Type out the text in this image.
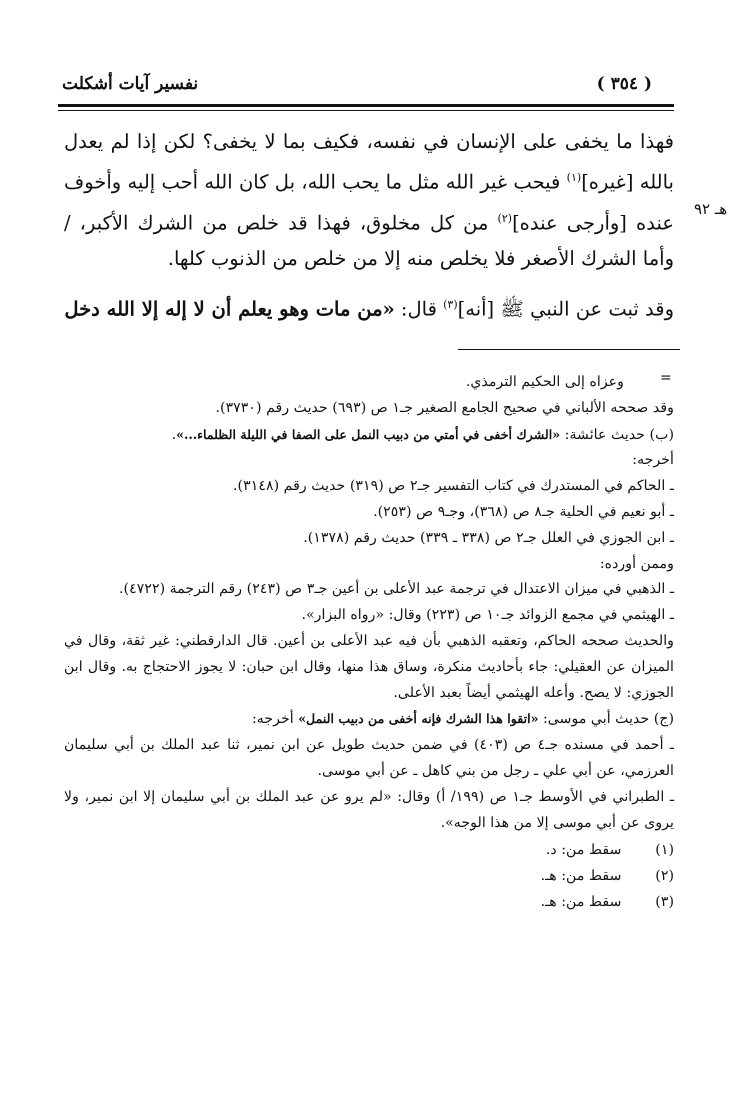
( ٣٥٤ )
نفسير آيات أشكلت
هـ ٩٢

فهذا ما يخفى على الإنسان في نفسه، فكيف بما لا يخفى؟ لكن إذا لم يعدل بالله [غيره]$^{(١)}$ فيحب غير الله مثل ما يحب الله، بل كان الله أحب إليه وأخوف عنده [وأرجى عنده]$^{(٢)}$ من كل مخلوق، فهذا قد خلص من الشرك الأكبر، / وأما الشرك الأصغر فلا يخلص منه إلا من خلص من الذنوب كلها.

وقد ثبت عن النبي ﷺ [أنه]$^{(٣)}$ قال: «من مات وهو يعلم أن لا إله إلا الله دخل

=

وعزاه إلى الحكيم الترمذي.

وقد صححه الألباني في صحيح الجامع الصغير جـ١ ص (٦٩٣) حديث رقم (٣٧٣٠).

(ب) حديث عائشة: «الشرك أخفى في أمتي من دبيب النمل على الصفا في الليلة الظلماء...».

أخرجه:

ـ الحاكم في المستدرك في كتاب التفسير جـ٢ ص (٣١٩) حديث رقم (٣١٤٨).

ـ أبو نعيم في الحلية جـ٨ ص (٣٦٨)، وجـ٩ ص (٢٥٣).

ـ ابن الجوزي في العلل جـ٢ ص (٣٣٨ ـ ٣٣٩) حديث رقم (١٣٧٨).

وممن أورده:

ـ الذهبي في ميزان الاعتدال في ترجمة عبد الأعلى بن أعين جـ٣ ص (٢٤٣) رقم الترجمة (٤٧٢٢).

ـ الهيثمي في مجمع الزوائد جـ١٠ ص (٢٢٣) وقال: «رواه البزار».

والحديث صححه الحاكم، وتعقبه الذهبي بأن فيه عبد الأعلى بن أعين. قال الدارقطني: غير ثقة، وقال في الميزان عن العقيلي: جاء بأحاديث منكرة، وساق هذا منها، وقال ابن حبان: لا يجوز الاحتجاج به. وقال ابن الجوزي: لا يصح. وأعله الهيثمي أيضاً بعبد الأعلى.

(ج) حديث أبي موسى: «اتقوا هذا الشرك فإنه أخفى من دبيب النمل» أخرجه:

ـ أحمد في مسنده جـ٤ ص (٤٠٣) في ضمن حديث طويل عن ابن نمير، ثنا عبد الملك بن أبي سليمان العرزمي، عن أبي علي ـ رجل من بني كاهل ـ عن أبي موسى.

ـ الطبراني في الأوسط جـ١ ص (١٩٩/ أ) وقال: «لم يرو عن عبد الملك بن أبي سليمان إلا ابن نمير، ولا يروى عن أبي موسى إلا من هذا الوجه».

(١) سقط من: د.
(٢) سقط من: هـ.
(٣) سقط من: هـ.
